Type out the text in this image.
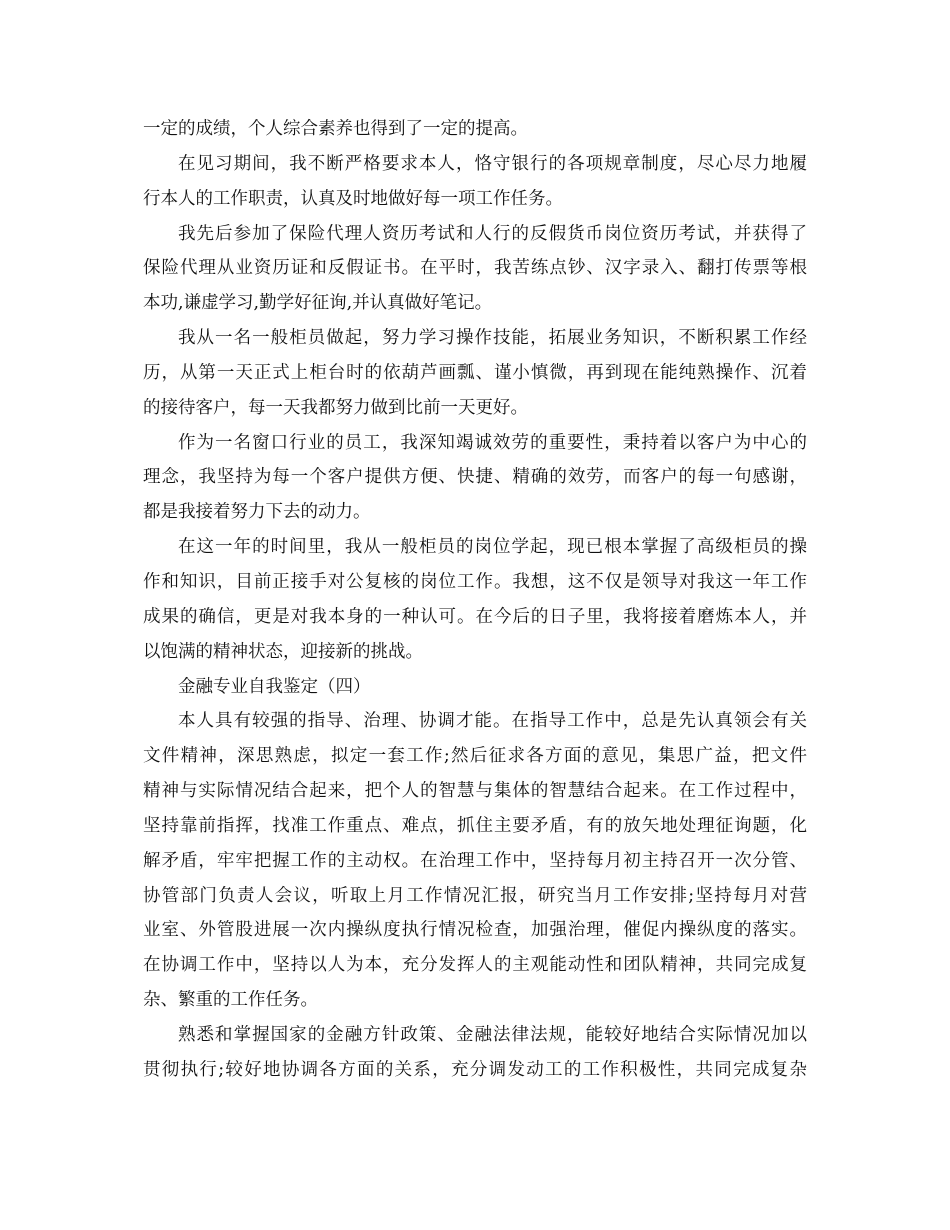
一定的成绩，个人综合素养也得到了一定的提高。
在见习期间，我不断严格要求本人，恪守银行的各项规章制度，尽心尽力地履
行本人的工作职责，认真及时地做好每一项工作任务。
我先后参加了保险代理人资历考试和人行的反假货币岗位资历考试，并获得了
保险代理从业资历证和反假证书。在平时，我苦练点钞、汉字录入、翻打传票等根
本功,谦虚学习,勤学好征询,并认真做好笔记。
我从一名一般柜员做起，努力学习操作技能，拓展业务知识，不断积累工作经
历，从第一天正式上柜台时的依葫芦画瓢、谨小慎微，再到现在能纯熟操作、沉着
的接待客户，每一天我都努力做到比前一天更好。
作为一名窗口行业的员工，我深知竭诚效劳的重要性，秉持着以客户为中心的
理念，我坚持为每一个客户提供方便、快捷、精确的效劳，而客户的每一句感谢，
都是我接着努力下去的动力。
在这一年的时间里，我从一般柜员的岗位学起，现已根本掌握了高级柜员的操
作和知识，目前正接手对公复核的岗位工作。我想，这不仅是领导对我这一年工作
成果的确信，更是对我本身的一种认可。在今后的日子里，我将接着磨炼本人，并
以饱满的精神状态，迎接新的挑战。
金融专业自我鉴定（四）
本人具有较强的指导、治理、协调才能。在指导工作中，总是先认真领会有关
文件精神，深思熟虑，拟定一套工作;然后征求各方面的意见，集思广益，把文件
精神与实际情况结合起来，把个人的智慧与集体的智慧结合起来。在工作过程中，
坚持靠前指挥，找准工作重点、难点，抓住主要矛盾，有的放矢地处理征询题，化
解矛盾，牢牢把握工作的主动权。在治理工作中，坚持每月初主持召开一次分管、
协管部门负责人会议，听取上月工作情况汇报，研究当月工作安排;坚持每月对营
业室、外管股进展一次内操纵度执行情况检查，加强治理，催促内操纵度的落实。
在协调工作中，坚持以人为本，充分发挥人的主观能动性和团队精神，共同完成复
杂、繁重的工作任务。
熟悉和掌握国家的金融方针政策、金融法律法规，能较好地结合实际情况加以
贯彻执行;较好地协调各方面的关系，充分调发动工的工作积极性，共同完成复杂
